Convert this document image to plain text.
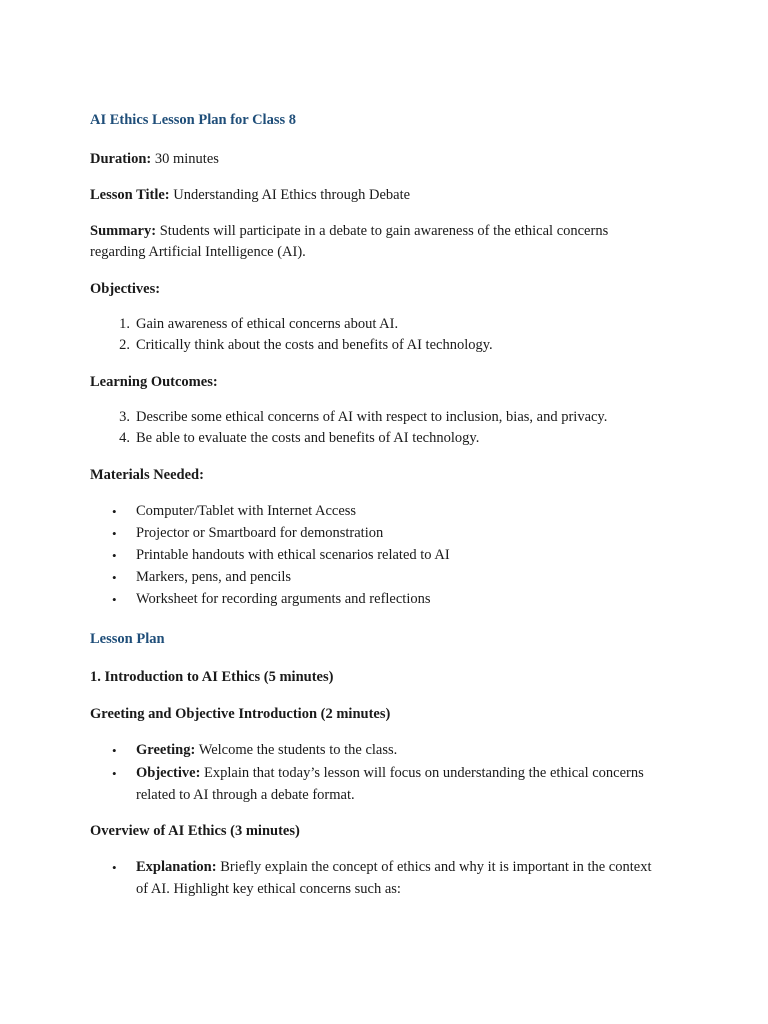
AI Ethics Lesson Plan for Class 8
Duration: 30 minutes
Lesson Title: Understanding AI Ethics through Debate
Summary: Students will participate in a debate to gain awareness of the ethical concerns
regarding Artificial Intelligence (AI).
Objectives:
1. Gain awareness of ethical concerns about AI.
2. Critically think about the costs and benefits of AI technology.
Learning Outcomes:
3. Describe some ethical concerns of AI with respect to inclusion, bias, and privacy.
4. Be able to evaluate the costs and benefits of AI technology.
Materials Needed:
•	Computer/Tablet with Internet Access
•	Projector or Smartboard for demonstration
•	Printable handouts with ethical scenarios related to AI
•	Markers, pens, and pencils
•	Worksheet for recording arguments and reflections
Lesson Plan
1. Introduction to AI Ethics (5 minutes)
Greeting and Objective Introduction (2 minutes)
•	Greeting: Welcome the students to the class.
•	Objective: Explain that today’s lesson will focus on understanding the ethical concerns
related to AI through a debate format.
Overview of AI Ethics (3 minutes)
•	Explanation: Briefly explain the concept of ethics and why it is important in the context
of AI. Highlight key ethical concerns such as:
